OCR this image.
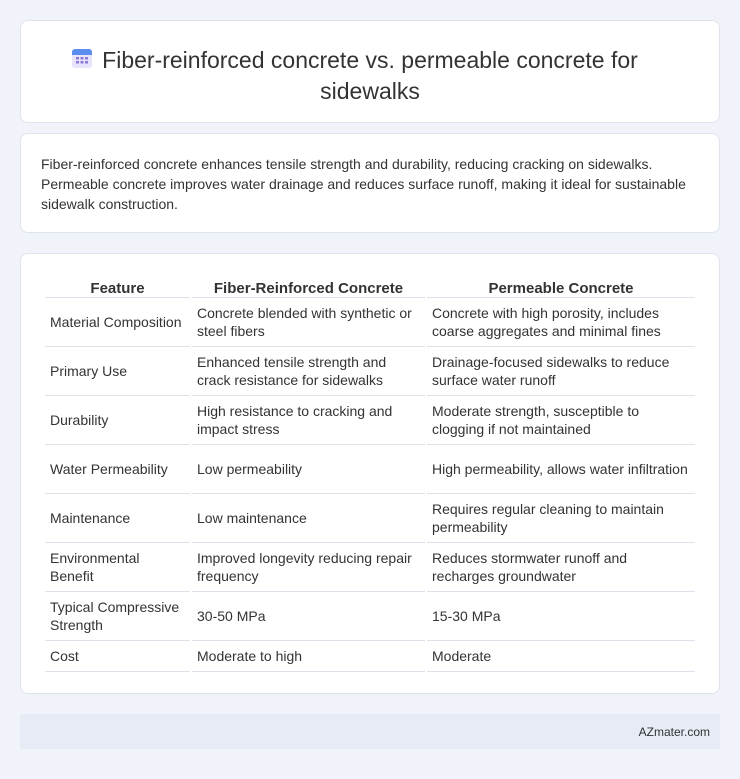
Fiber-reinforced concrete vs. permeable concrete for
sidewalks

Fiber-reinforced concrete enhances tensile strength and durability, reducing cracking on sidewalks. Permeable concrete improves water drainage and reduces surface runoff, making it ideal for sustainable sidewalk construction.

Feature	Fiber-Reinforced Concrete	Permeable Concrete
Material Composition	Concrete blended with synthetic or steel fibers	Concrete with high porosity, includes coarse aggregates and minimal fines
Primary Use	Enhanced tensile strength and crack resistance for sidewalks	Drainage-focused sidewalks to reduce surface water runoff
Durability	High resistance to cracking and impact stress	Moderate strength, susceptible to clogging if not maintained
Water Permeability	Low permeability	High permeability, allows water infiltration
Maintenance	Low maintenance	Requires regular cleaning to maintain permeability
Environmental Benefit	Improved longevity reducing repair frequency	Reduces stormwater runoff and recharges groundwater
Typical Compressive Strength	30-50 MPa	15-30 MPa
Cost	Moderate to high	Moderate
AZmater.com
